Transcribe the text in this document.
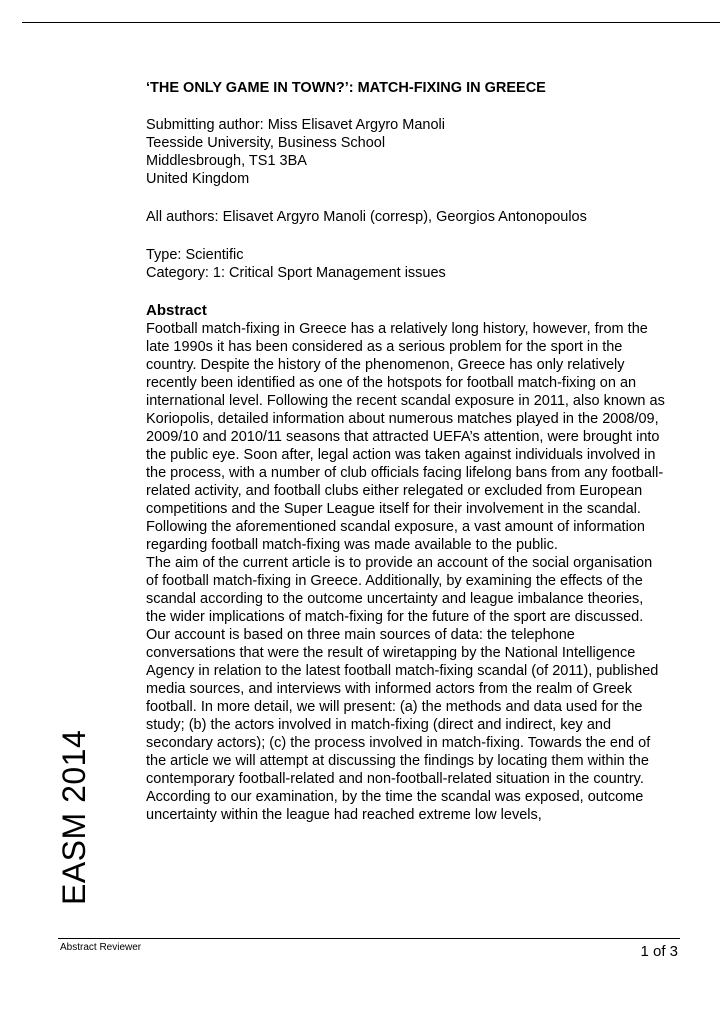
‘THE ONLY GAME IN TOWN?’: MATCH-FIXING IN GREECE

Submitting author: Miss Elisavet Argyro Manoli

Teesside University, Business School

Middlesbrough, TS1 3BA

United Kingdom

All authors: Elisavet Argyro Manoli (corresp), Georgios Antonopoulos

Type: Scientific

Category: 1: Critical Sport Management issues

Abstract

Football match-fixing in Greece has a relatively long history, however, from the late 1990s it has been considered as a serious problem for the sport in the country. Despite the history of the phenomenon, Greece has only relatively recently been identified as one of the hotspots for football match-fixing on an international level. Following the recent scandal exposure in 2011, also known as Koriopolis, detailed information about numerous matches played in the 2008/09, 2009/10 and 2010/11 seasons that attracted UEFA’s attention, were brought into the public eye. Soon after, legal action was taken against individuals involved in the process, with a number of club officials facing lifelong bans from any football-related activity, and football clubs either relegated or excluded from European competitions and the Super League itself for their involvement in the scandal. Following the aforementioned scandal exposure, a vast amount of information regarding football match-fixing was made available to the public.

The aim of the current article is to provide an account of the social organisation of football match-fixing in Greece. Additionally, by examining the effects of the scandal according to the outcome uncertainty and league imbalance theories, the wider implications of match-fixing for the future of the sport are discussed. Our account is based on three main sources of data: the telephone conversations that were the result of wiretapping by the National Intelligence Agency in relation to the latest football match-fixing scandal (of 2011), published media sources, and interviews with informed actors from the realm of Greek football. In more detail, we will present: (a) the methods and data used for the study; (b) the actors involved in match-fixing (direct and indirect, key and secondary actors); (c) the process involved in match-fixing. Towards the end of the article we will attempt at discussing the findings by locating them within the contemporary football-related and non-football-related situation in the country.

According to our examination, by the time the scandal was exposed, outcome uncertainty within the league had reached extreme low levels,

EASM 2014
Abstract Reviewer	1 of 3
